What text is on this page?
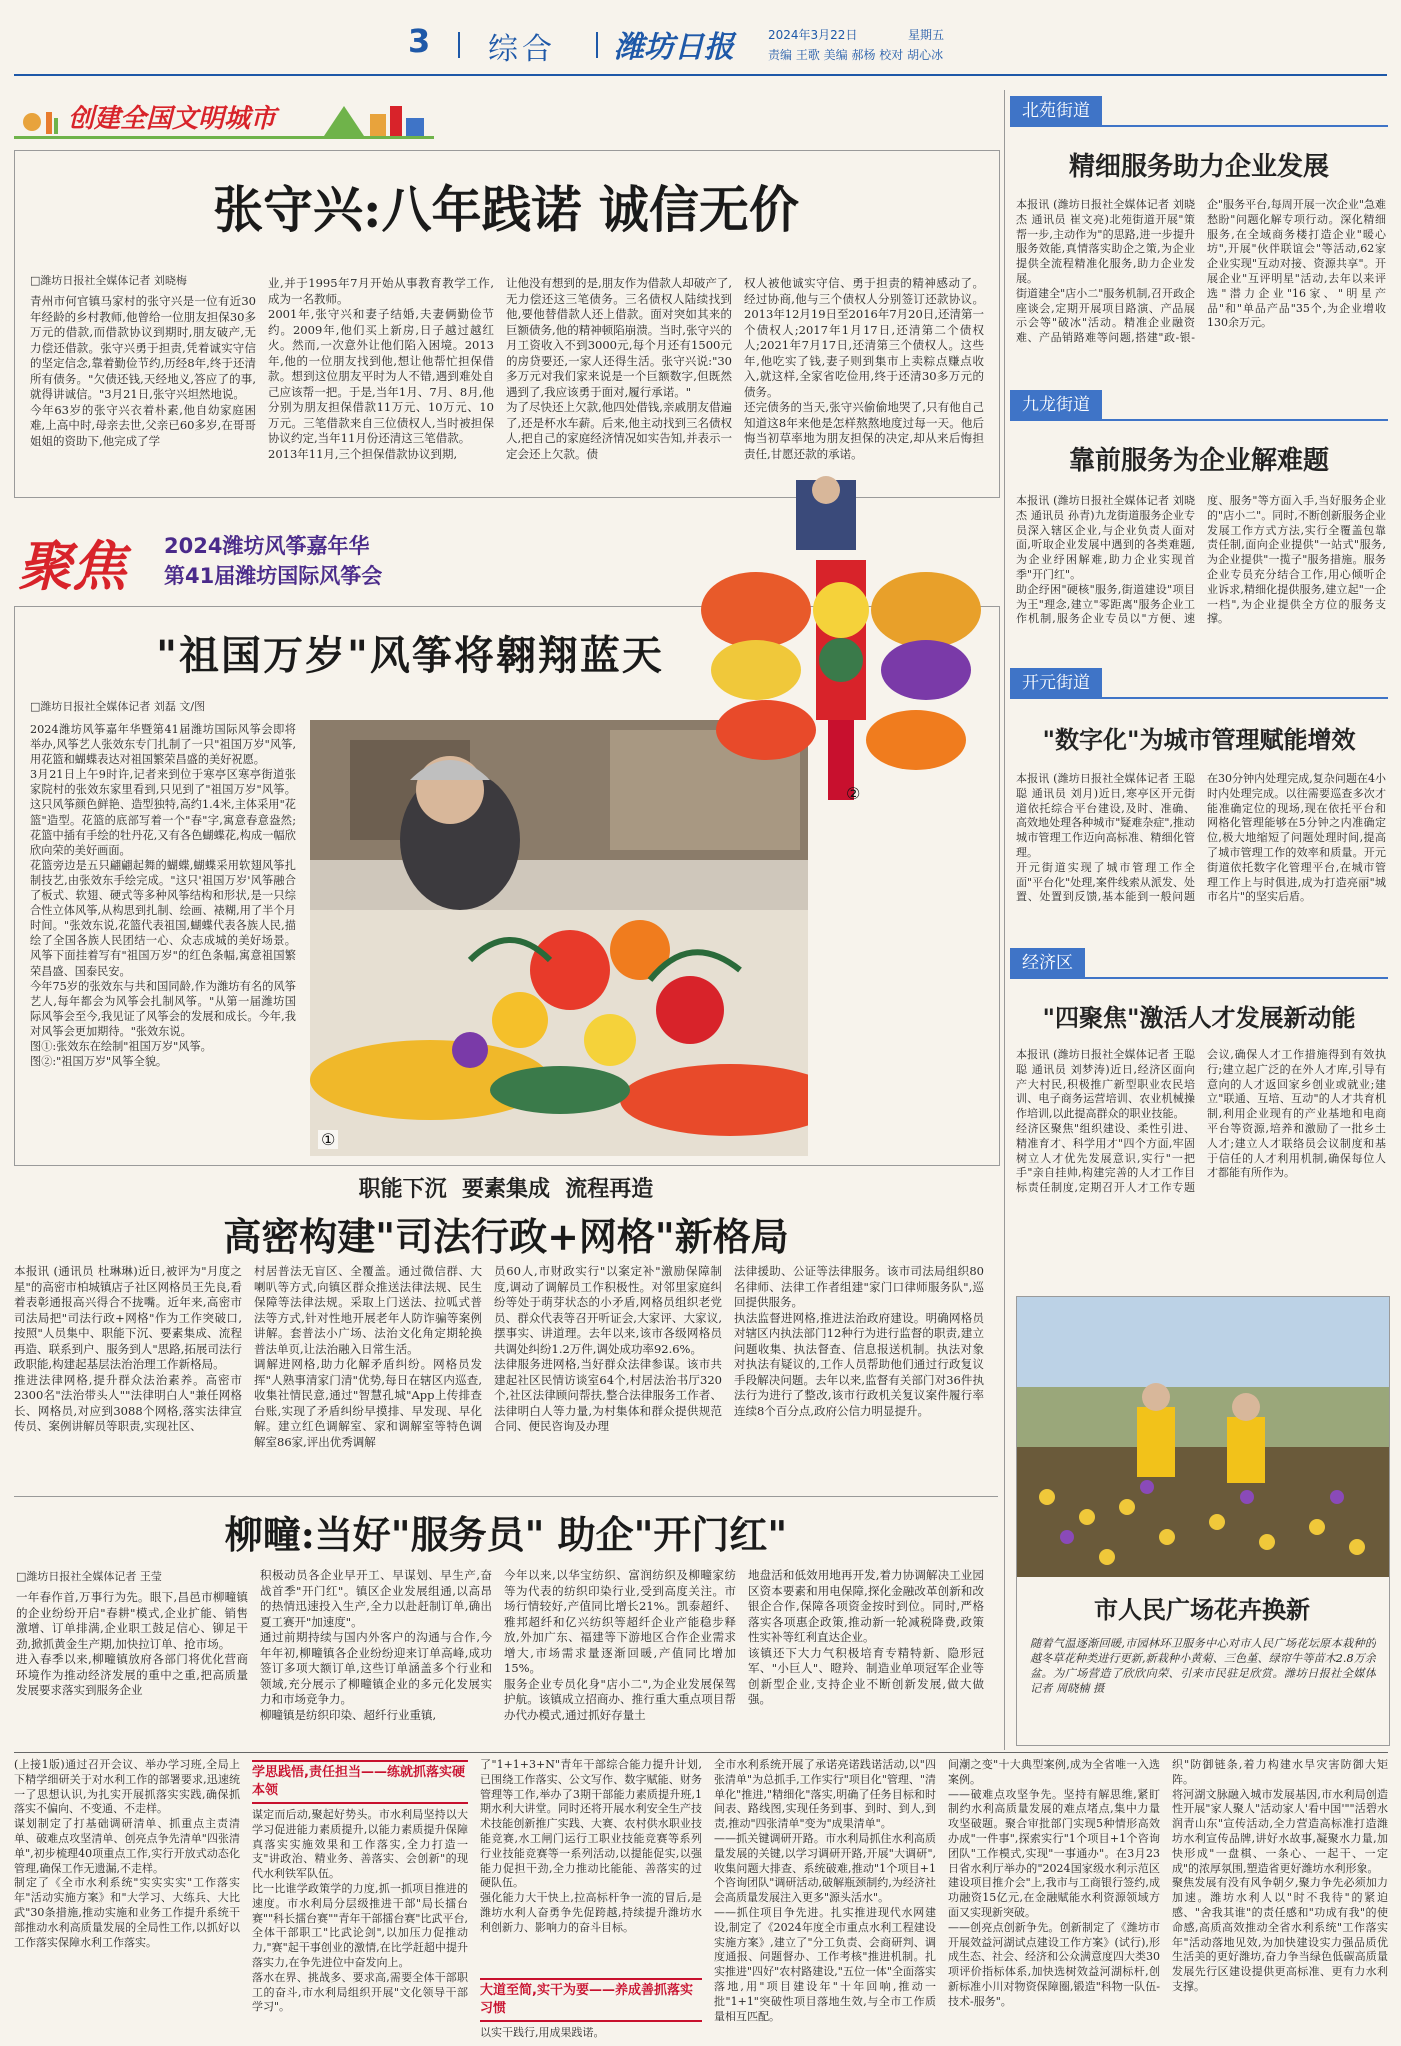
3 综合 潍坊日报	2024年3月22日	星期五
责编 王歌 美编 郝杨 校对 胡心冰
创建全国文明城市
张守兴:八年践诺 诚信无价
□潍坊日报社全媒体记者 刘晓梅
青州市何官镇马家村的张守兴是一位有近30年经龄的乡村教师,他曾给一位朋友担保30多万元的借款,而借款协议到期时,朋友破产,无力偿还借款。张守兴勇于担责,凭着诚实守信的坚定信念,靠着勤俭节约,历经8年,终于还清所有债务。"欠债还钱,天经地义,答应了的事,就得讲诚信。"3月21日,张守兴坦然地说。
今年63岁的张守兴衣着朴素,他自幼家庭困难,上高中时,母亲去世,父亲已60多岁,在哥哥姐姐的资助下,他完成了学
业,并于1995年7月开始从事教育教学工作,成为一名教师。
2001年,张守兴和妻子结婚,夫妻俩勤俭节约。2009年,他们买上新房,日子越过越红火。然而,一次意外让他们陷入困境。2013年,他的一位朋友找到他,想让他帮忙担保借款。想到这位朋友平时为人不错,遇到难处自己应该帮一把。于是,当年1月、7月、8月,他分别为朋友担保借款11万元、10万元、10万元。三笔借款来自三位债权人,当时被担保协议约定,当年11月份还清这三笔借款。
2013年11月,三个担保借款协议到期,
让他没有想到的是,朋友作为借款人却破产了,无力偿还这三笔债务。三名债权人陆续找到他,要他替借款人还上借款。面对突如其来的巨额债务,他的精神顿陷崩溃。当时,张守兴的月工资收入不到3000元,每个月还有1500元的房贷要还,一家人还得生活。张守兴说:"30多万元对我们家来说是一个巨额数字,但既然遇到了,我应该勇于面对,履行承诺。"
为了尽快还上欠款,他四处借钱,亲戚朋友借遍了,还是杯水车薪。后来,他主动找到三名债权人,把自己的家庭经济情况如实告知,并表示一定会还上欠款。债
权人被他诚实守信、勇于担责的精神感动了。经过协商,他与三个债权人分别签订还款协议。2013年12月19日至2016年7月20日,还清第一个债权人;2017年1月17日,还清第二个债权人;2021年7月17日,还清第三个债权人。这些年,他吃实了钱,妻子则到集市上卖粽点赚点收入,就这样,全家省吃俭用,终于还清30多万元的债务。
还完债务的当天,张守兴偷偷地哭了,只有他自己知道这8年来他是怎样熬熬地度过每一天。他后悔当初草率地为朋友担保的决定,却从来后悔担责任,甘愿还款的承诺。
聚焦 2024潍坊风筝嘉年华
第41届潍坊国际风筝会
"祖国万岁"风筝将翱翔蓝天
□潍坊日报社全媒体记者 刘磊 文/图
2024潍坊风筝嘉年华暨第41届潍坊国际风筝会即将举办,风筝艺人张效东专门扎制了一只"祖国万岁"风筝,用花篮和蝴蝶表达对祖国繁荣昌盛的美好祝愿。
3月21日上午9时许,记者来到位于寒亭区寒亭街道张家院村的张效东家里看到,只见到了"祖国万岁"风筝。这只风筝颜色鲜艳、造型独特,高约1.4米,主体采用"花篮"造型。花篮的底部写着一个"春"字,寓意春意盎然;花篮中插有手绘的牡丹花,又有各色蝴蝶花,构成一幅欣欣向荣的美好画面。
花篮旁边是五只翩翩起舞的蝴蝶,蝴蝶采用软翅风筝扎制技艺,由张效东手绘完成。"这只'祖国万岁'风筝融合了板式、软翅、硬式等多种风筝结构和形状,是一只综合性立体风筝,从构思到扎制、绘画、裱糊,用了半个月时间。"张效东说,花篮代表祖国,蝴蝶代表各族人民,描绘了全国各族人民团结一心、众志成城的美好场景。风筝下面挂着写有"祖国万岁"的红色条幅,寓意祖国繁荣昌盛、国泰民安。
今年75岁的张效东与共和国同龄,作为潍坊有名的风筝艺人,每年都会为风筝会扎制风筝。"从第一届潍坊国际风筝会至今,我见证了风筝会的发展和成长。今年,我对风筝会更加期待。"张效东说。
图①:张效东在绘制"祖国万岁"风筝。
图②:"祖国万岁"风筝全貌。
①
②
职能下沉  要素集成  流程再造
高密构建"司法行政+网格"新格局
本报讯 (通讯员 杜琳琳)近日,被评为"月度之星"的高密市柏城镇店子社区网格员王先良,看着表彰通报高兴得合不拢嘴。近年来,高密市司法局把"司法行政+网格"作为工作突破口,按照"人员集中、职能下沉、要素集成、流程再造、联系到户、服务到人"思路,拓展司法行政职能,构建起基层法治治理工作新格局。
推进法律网格,提升群众法治素养。高密市2300名"法治带头人""法律明白人"兼任网格长、网格员,对应到3088个网格,落实法律宣传员、案例讲解员等职责,实现社区、
村居普法无盲区、全覆盖。通过微信群、大喇叭等方式,向镇区群众推送法律法规、民生保障等法律法规。采取上门送法、拉呱式普法等方式,针对性地开展老年人防诈骗等案例讲解。套普法小广场、法治文化角定期轮换普法单页,让法治融入日常生活。
调解进网格,助力化解矛盾纠纷。网格员发挥"人熟事清家门清"优势,每日在辖区内巡查,收集社情民意,通过"智慧孔城"App上传排查台账,实现了矛盾纠纷早摸排、早发现、早化解。建立红色调解室、家和调解室等特色调解室86家,评出优秀调解
员60人,市财政实行"以案定补"激励保障制度,调动了调解员工作积极性。对邻里家庭纠纷等处于萌芽状态的小矛盾,网格员组织老党员、群众代表等召开听证会,大家评、大家议,摆事实、讲道理。去年以来,该市各级网格员共调处纠纷1.2万件,调处成功率92.6%。
法律服务进网格,当好群众法律参谋。该市共建起社区民情访谈室64个,村居法治书厅320个,社区法律顾问帮扶,整合法律服务工作者、法律明白人等力量,为村集体和群众提供规范合同、便民咨询及办理
法律援助、公证等法律服务。该市司法局组织80名律师、法律工作者组建"家门口律师服务队",巡回提供服务。
执法监督进网格,推进法治政府建设。明确网格员对辖区内执法部门12种行为进行监督的职责,建立问题收集、执法督查、信息报送机制。执法对象对执法有疑议的,工作人员帮助他们通过行政复议手段解决问题。去年以来,监督有关部门对36件执法行为进行了整改,该市行政机关复议案件履行率连续8个百分点,政府公信力明显提升。
柳疃:当好"服务员" 助企"开门红"
□潍坊日报社全媒体记者 王莹
一年春作首,万事行为先。眼下,昌邑市柳疃镇的企业纷纷开启"春耕"模式,企业扩能、销售激增、订单排满,企业职工鼓足信心、铆足干劲,掀抓黄金生产期,加快拉订单、抢市场。
进入春季以来,柳疃镇放府各部门将优化营商环境作为推动经济发展的重中之重,把高质量发展要求落实到服务企业
积极动员各企业早开工、早谋划、早生产,奋战首季"开门红"。镇区企业发展组通,以高昂的热情迅速投入生产,全力以赴赶制订单,确出夏工赛开"加速度"。
通过前期持续与国内外客户的沟通与合作,今年年初,柳疃镇各企业纷纷迎来订单高峰,成功签订多项大额订单,这些订单涵盖多个行业和领域,充分展示了柳疃镇企业的多元化发展实力和市场竞争力。
柳疃镇是纺织印染、超纤行业重镇,
今年以来,以华宝纺织、富润纺织及柳疃家纺等为代表的纺织印染行业,受到高度关注。市场行情较好,产值同比增长21%。凯泰超纤、雅邦超纤和亿兴纺织等超纤企业产能稳步释放,外加广东、福建等下游地区合作企业需求增大,市场需求量逐渐回暖,产值同比增加15%。
服务企业专员化身"店小二",为企业发展保驾护航。该镇成立招商办、推行重大重点项目帮办代办模式,通过抓好存量土
地盘活和低效用地再开发,着力协调解决工业园区资本要素和用电保障,探化金融改革创新和改银企合作,保障各项资金按时到位。同时,严格落实各项惠企政策,推动新一轮减税降费,政策性实补等红利直达企业。
该镇还下大力气积极培育专精特新、隐形冠军、"小巨人"、瞪羚、制造业单项冠军企业等创新型企业,支持企业不断创新发展,做大做强。
北苑街道
精细服务助力企业发展
本报讯 (潍坊日报社全媒体记者 刘晓杰 通讯员 崔文亮)北苑街道开展"策帮一步,主动作为"的思路,进一步提升服务效能,真情落实助企之策,为企业提供全流程精准化服务,助力企业发展。
街道建全"店小二"服务机制,召开政企座谈会,定期开展项目路演、产品展示会等"破冰"活动。精准企业融资难、产品销路难等问题,搭建"政-银-企"服务平台,每周开展一次企业"急难愁盼"问题化解专项行动。深化精细服务,在全域商务楼打造企业"暖心坊",开展"伙伴联谊会"等活动,62家企业实现"互动对接、资源共享"。开展企业"互评明星"活动,去年以来评选"潜力企业"16家、"明星产品"和"单品产品"35个,为企业增收130余万元。
九龙街道
靠前服务为企业解难题
本报讯 (潍坊日报社全媒体记者 刘晓杰 通讯员 孙青)九龙街道服务企业专员深入辖区企业,与企业负责人面对面,听取企业发展中遇到的各类难题,为企业纾困解难,助力企业实现首季"开门红"。
助企纾困"硬核"服务,街道建设"项目为王"理念,建立"零距离"服务企业工作机制,服务企业专员以"方便、速度、服务"等方面入手,当好服务企业的"店小二"。同时,不断创新服务企业发展工作方式方法,实行全覆盖包靠责任制,面向企业提供"一站式"服务,为企业提供"一揽子"服务措施。服务企业专员充分结合工作,用心倾听企业诉求,精细化提供服务,建立起"一企一档",为企业提供全方位的服务支撑。
开元街道
"数字化"为城市管理赋能增效
本报讯 (潍坊日报社全媒体记者 王聪聪 通讯员 刘月)近日,寒亭区开元街道依托综合平台建设,及时、准确、高效地处理各种城市"疑难杂症",推动城市管理工作迈向高标准、精细化管理。
开元街道实现了城市管理工作全面"平台化"处理,案件线索从派发、处置、处置到反馈,基本能到一般问题在30分钟内处理完成,复杂问题在4小时内处理完成。以往需要巡查多次才能准确定位的现场,现在依托平台和网格化管理能够在5分钟之内准确定位,极大地缩短了问题处理时间,提高了城市管理工作的效率和质量。开元街道依托数字化管理平台,在城市管理工作上与时俱进,成为打造亮丽"城市名片"的坚实后盾。
经济区
"四聚焦"激活人才发展新动能
本报讯 (潍坊日报社全媒体记者 王聪聪 通讯员 刘梦涛)近日,经济区面向产大村民,积极推广新型职业农民培训、电子商务运营培训、农业机械操作培训,以此提高群众的职业技能。
经济区聚焦"组织建设、柔性引进、精准育才、科学用才"四个方面,牢固树立人才优先发展意识,实行"一把手"亲自挂帅,构建完善的人才工作目标责任制度,定期召开人才工作专题会议,确保人才工作措施得到有效执行;建立起广泛的在外人才库,引导有意向的人才返回家乡创业或就业;建立"联通、互培、互动"的人才共育机制,利用企业现有的产业基地和电商平台等资源,培养和激励了一批乡土人才;建立人才联络员会议制度和基于信任的人才利用机制,确保每位人才都能有所作为。
市人民广场花卉换新
随着气温逐渐回暖,市园林环卫服务中心对市人民广场花坛原本栽种的越冬草花种类进行更新,新栽种小黄菊、三色堇、绿帘牛等苗木2.8万余盆。为广场营造了欣欣向荣、引来市民驻足欣赏。潍坊日报社全媒体记者 周晓楠 摄
(上接1版)通过召开会议、举办学习班,全局上下精学细研关于对水利工作的部署要求,迅速统一了思想认识,为扎实开展抓落实实践,确保抓落实不偏向、不变通、不走样。
谋划制定了打基础调研清单、抓重点主责清单、破难点攻坚清单、创亮点争先清单"四张清单",初步梳理40项重点工作,实行开放式动态化管理,确保工作无遗漏,不走样。
制定了《全市水利系统"实实实实"工作落实年"活动实施方案》和"大学习、大练兵、大比武"30条措施,推动实施和业务工作提升系统干部推动水利高质量发展的全局性工作,以抓好以工作落实保障水利工作落实。
学思践悟,责任担当——练就抓落实硬本领
谋定而后动,聚起好势头。市水利局坚持以大学习促进能力素质提升,以能力素质提升保障真落实实施效果和工作落实,全力打造一支"讲政治、精业务、善落实、会创新"的现代水利铁军队伍。
比一比谁学政策学的力度,抓一抓项目推进的速度。市水利局分层级推进干部"局长擂台赛""科长擂台赛""青年干部擂台赛"比武平台,全体干部职工"比武论剑",以加压力促推动力,"赛"起干事创业的激情,在比学赶超中提升落实力,在争先进位中奋发向上。
落水在界、挑战多、要求高,需要全体干部职工的奋斗,市水利局组织开展"文化领导干部学习"。
了"1+1+3+N"青年干部综合能力提升计划,已围绕工作落实、公文写作、数字赋能、财务管理等工作,举办了3期干部能力素质提升班,1期水利大讲堂。同时还将开展水利安全生产技术技能创新推广实践、大赛、农村供水职业技能竞赛,水工闸门运行工职业技能竞赛等系列行业技能竞赛等一系列活动,以提能促实,以强能力促担干劲,全力推动比能能、善落实的过硬队伍。
强化能力大干快上,拉高标杆争一流的冒后,是潍坊水利人奋勇争先促跨越,持续提升潍坊水利创新力、影响力的奋斗目标。
大道至简,实干为要——养成善抓落实习惯
以实干践行,用成果践诺。
全市水利系统开展了承诺亮诺践诺活动,以"四张清单"为总抓手,工作实行"项目化"管理、"清单化"推进,"精细化"落实,明确了任务目标和时间表、路线图,实现任务到事、到时、到人,到责,推动"四张清单"变为"成果清单"。
——抓关键调研开路。市水利局抓住水利高质量发展的关键,以学习调研开路,开展"大调研",收集问题大排查、系统破难,推动"1个项目+1个咨询团队"调研活动,破解瓶颈制约,为经济社会高质量发展注入更多"源头活水"。
——抓住项目争先进。扎实推进现代水网建设,制定了《2024年度全市重点水利工程建设实施方案》,建立了"分工负责、会商研判、调度通报、问题督办、工作考核"推进机制。扎实推进"四好"农村路建设,"五位一体"全面落实落地,用"项目建设年"十年回响,推动一批"1+1"突破性项目落地生效,与全市工作质量相互匹配。
间潮之变"十大典型案例,成为全省唯一入选案例。
——破难点攻坚争先。坚持有解思维,紧盯制约水利高质量发展的难点堵点,集中力量攻坚破题。聚合审批部门实现5种情形高效办成"一件事",探索实行"1个项目+1个咨询团队"工作模式,实现"一事通办"。在3月23日省水利厅举办的"2024国家级水利示范区建设项目推介会"上,我市与工商银行签约,成功融资15亿元,在金融赋能水利资源领域方面又实现新突破。
——创亮点创新争先。创新制定了《潍坊市开展效益河湖试点建设工作方案》(试行),形成生态、社会、经济和公众满意度四大类30项评价指标体系,加快选树效益河湖标杆,创新标准小川对物资保障圈,锻造"科物一队伍-技术-服务"。
织"防御链条,着力构建水旱灾害防御大矩阵。
将河湖文脉融入城市发展基因,市水利局创造性开展"家人聚人"活动家人'看中国'""活碧水润青山东"宣传活动,全力营造高标准打造潍坊水利宣传品牌,讲好水故事,凝聚水力量,加快形成"一盘棋、一条心、一起干、一定成"的浓厚氛围,塑造省更好潍坊水利形象。
聚焦发展有没有风争朝夕,聚力争先必须加力加速。潍坊水利人以"时不我待"的紧迫感、"舍我其谁"的责任感和"功成有我"的使命感,高质高效推动全省水利系统"工作落实年"活动落地见效,为加快建设实力强品质优生活美的更好潍坊,奋力争当绿色低碳高质量发展先行区建设提供更高标准、更有力水利支撑。
